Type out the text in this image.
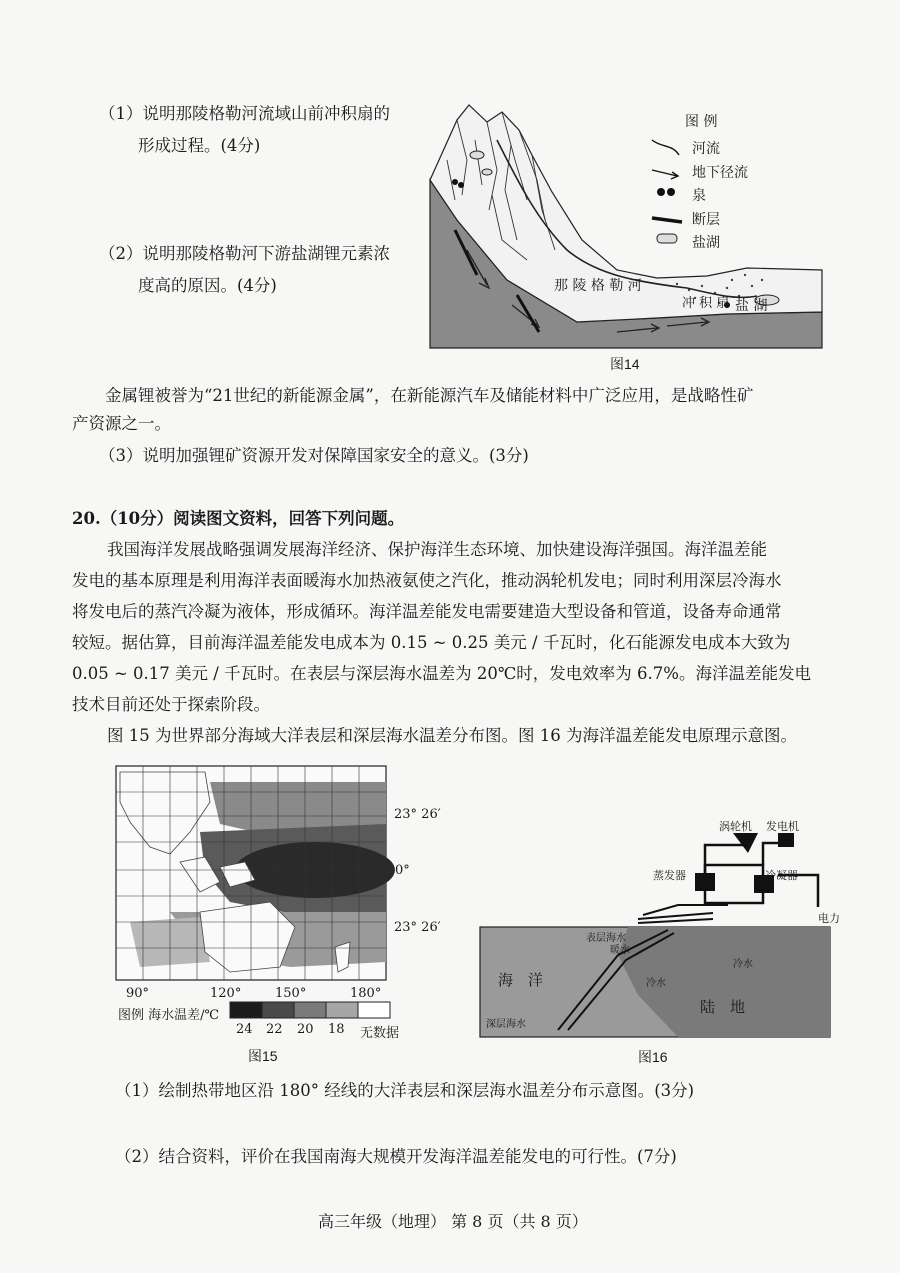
（1）说明那陵格勒河流域山前冲积扇的
形成过程。(4分)
（2）说明那陵格勒河下游盐湖锂元素浓
度高的原因。(4分)
图 例
河流
地下径流
泉
断层
盐湖
那 陵 格 勒 河
冲 积 扇 盐 湖
图14
金属锂被誉为“21世纪的新能源金属”，在新能源汽车及储能材料中广泛应用，是战略性矿
产资源之一。
（3）说明加强锂矿资源开发对保障国家安全的意义。(3分)
20.（10分）阅读图文资料，回答下列问题。
我国海洋发展战略强调发展海洋经济、保护海洋生态环境、加快建设海洋强国。海洋温差能
发电的基本原理是利用海洋表面暖海水加热液氨使之汽化，推动涡轮机发电；同时利用深层冷海水
将发电后的蒸汽冷凝为液体，形成循环。海洋温差能发电需要建造大型设备和管道，设备寿命通常
较短。据估算，目前海洋温差能发电成本为 0.15 ~ 0.25 美元 / 千瓦时，化石能源发电成本大致为
0.05 ~ 0.17 美元 / 千瓦时。在表层与深层海水温差为 20℃时，发电效率为 6.7%。海洋温差能发电
技术目前还处于探索阶段。
图 15 为世界部分海域大洋表层和深层海水温差分布图。图 16 为海洋温差能发电原理示意图。
23° 26′
0°
23° 26′
90°	120°	150°	180°
图例 海水温差/℃
24 22 20 18 无数据
图15
涡轮机 发电机
蒸发器	冷凝器
电力
表层海水
暖水
冷水
冷水
海　洋
陆　地
深层海水
图16
（1）绘制热带地区沿 180° 经线的大洋表层和深层海水温差分布示意图。(3分)
（2）结合资料，评价在我国南海大规模开发海洋温差能发电的可行性。(7分)
高三年级（地理） 第 8 页（共 8 页）
